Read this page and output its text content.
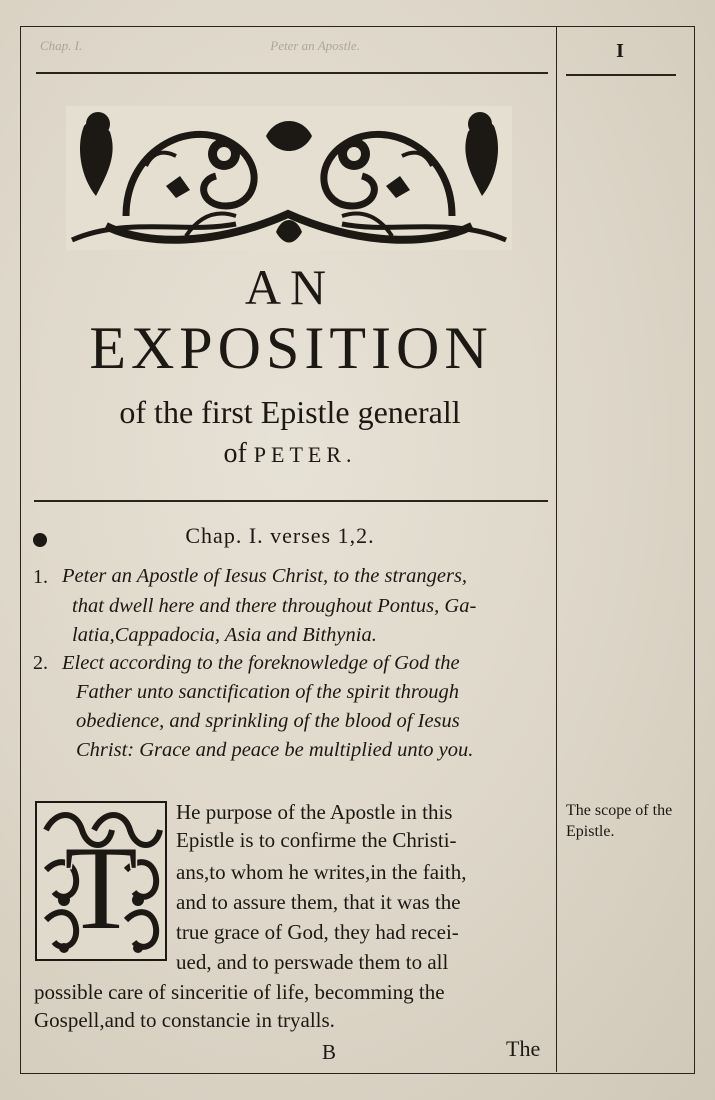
Chap. I.	Peter an Apostle.	I
AN
EXPOSITION
of the first Epistle generall
of PETER.
Chap. I. verses 1,2.
1. Peter an Apostle of Iesus Christ, to the strangers,
that dwell here and there throughout Pontus, Ga-
latia,Cappadocia, Asia and Bithynia.
2. Elect according to the foreknowledge of God the
Father unto sanctification of the spirit through
obedience, and sprinkling of the blood of Iesus
Christ: Grace and peace be multiplied unto you.
T
He purpose of the Apostle in this
Epistle is to confirme the Christi-
ans,to whom he writes,in the faith,
and to assure them, that it was the
true grace of God, they had recei-
ued, and to perswade them to all
possible care of sinceritie of life, becomming the
Gospell,and to constancie in tryalls.
B	The
The scope of the Epistle.
